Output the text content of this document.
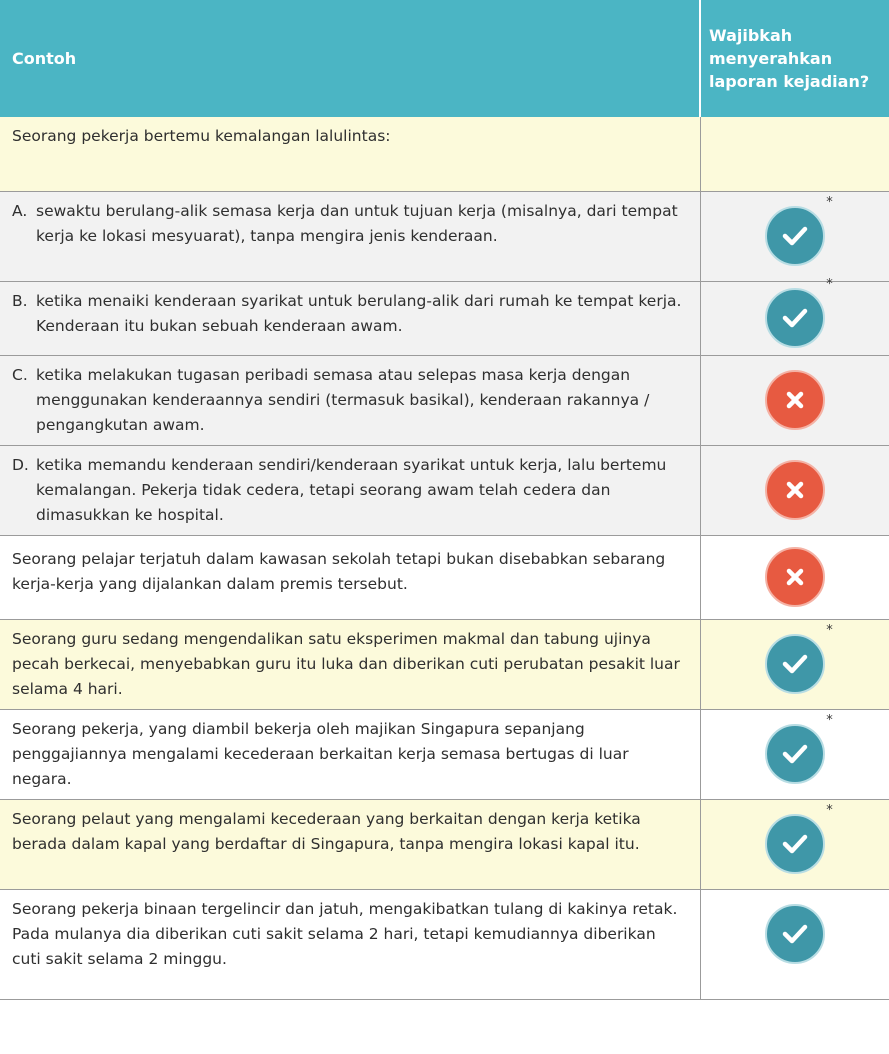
Contoh	Wajibkah
menyerahkan
laporan kejadian?
Seorang pekerja bertemu kemalangan lalulintas:	

A. sewaktu berulang-alik semasa kerja dan untuk tujuan kerja (misalnya, dari tempat kerja ke lokasi mesyuarat), tanpa mengira jenis kenderaan.	*

B. ketika menaiki kenderaan syarikat untuk berulang-alik dari rumah ke tempat kerja. Kenderaan itu bukan sebuah kenderaan awam.	*

C. ketika melakukan tugasan peribadi semasa atau selepas masa kerja dengan menggunakan kenderaannya sendiri (termasuk basikal), kenderaan rakannya / pengangkutan awam.

D. ketika memandu kenderaan sendiri/kenderaan syarikat untuk kerja, lalu bertemu kemalangan. Pekerja tidak cedera, tetapi seorang awam telah cedera dan dimasukkan ke hospital.

Seorang pelajar terjatuh dalam kawasan sekolah tetapi bukan disebabkan sebarang kerja-kerja yang dijalankan dalam premis tersebut.	

Seorang guru sedang mengendalikan satu eksperimen makmal dan tabung ujinya pecah berkecai, menyebabkan guru itu luka dan diberikan cuti perubatan pesakit luar selama 4 hari.	*

Seorang pekerja, yang diambil bekerja oleh majikan Singapura sepanjang penggajiannya mengalami kecederaan berkaitan kerja semasa bertugas di luar negara.	*

Seorang pelaut yang mengalami kecederaan yang berkaitan dengan kerja ketika berada dalam kapal yang berdaftar di Singapura, tanpa mengira lokasi kapal itu.	*

Seorang pekerja binaan tergelincir dan jatuh, mengakibatkan tulang di kakinya retak. Pada mulanya dia diberikan cuti sakit selama 2 hari, tetapi kemudiannya diberikan cuti sakit selama 2 minggu.	
